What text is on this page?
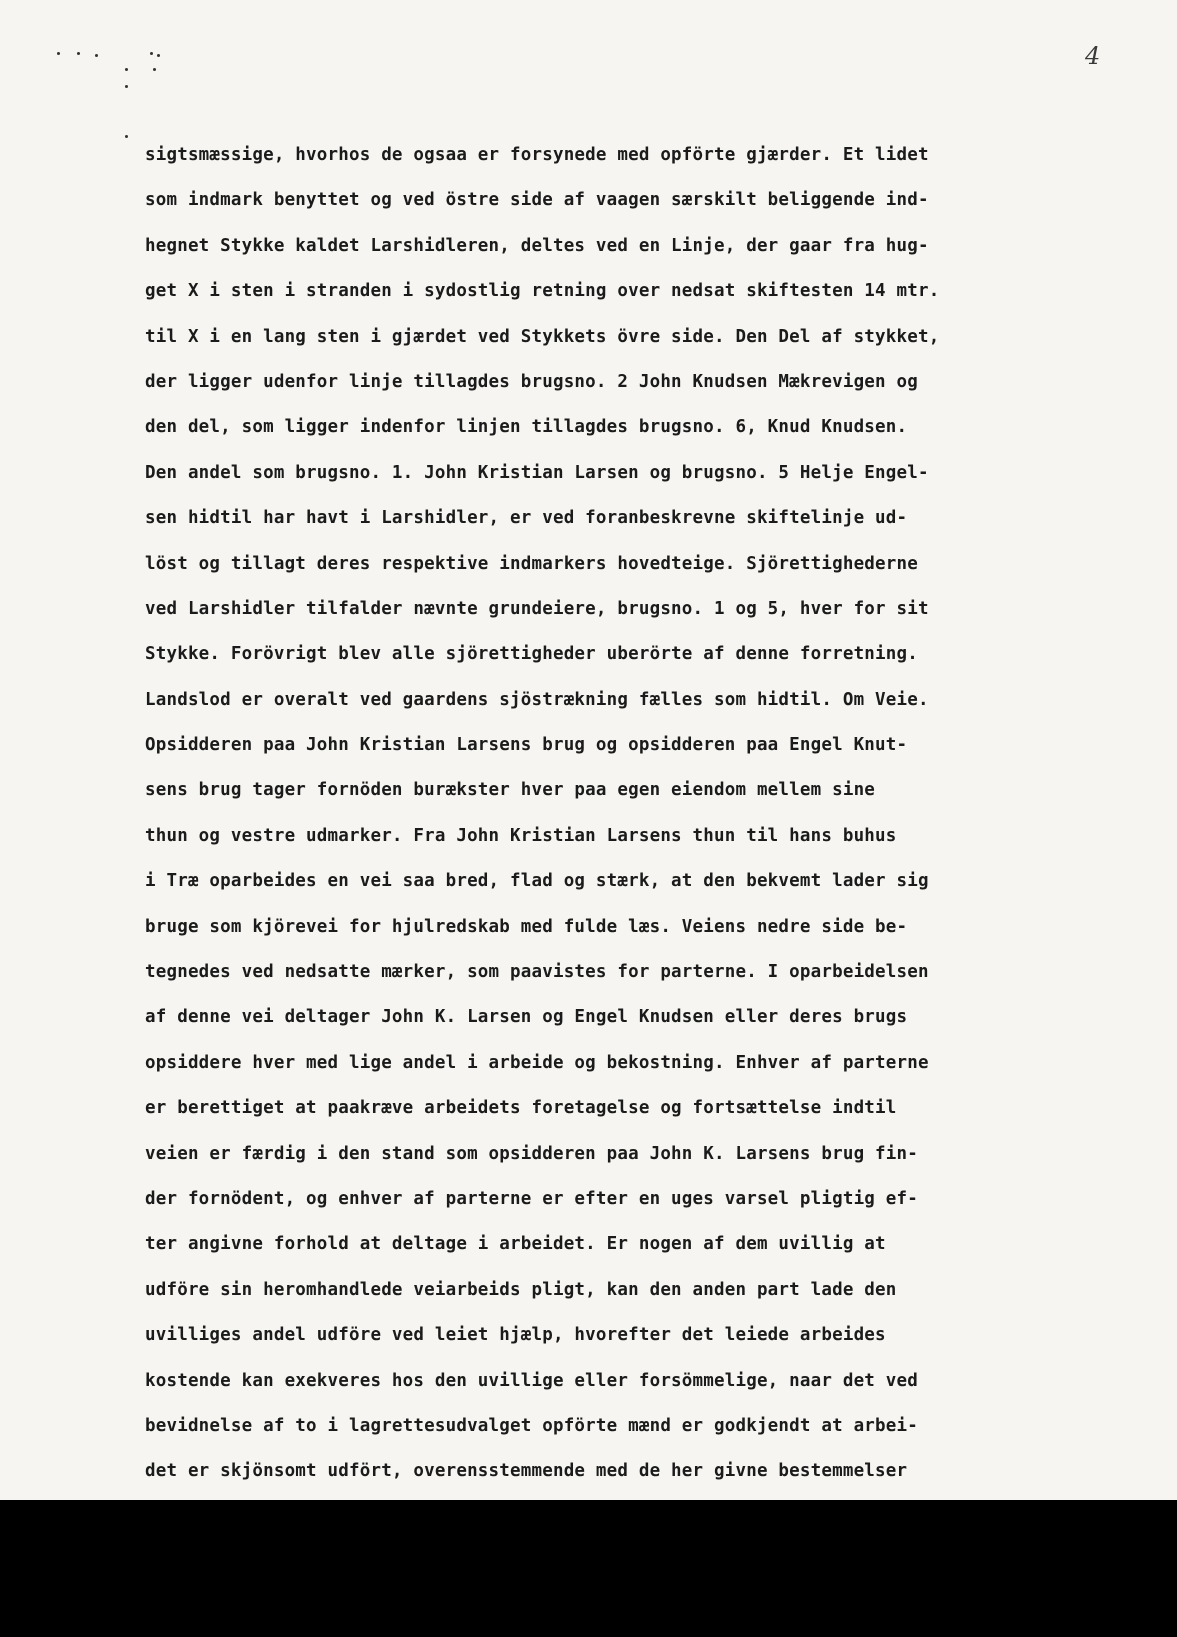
4
sigtsmæssige, hvorhos de ogsaa er forsynede med opförte gjærder. Et lidet
som indmark benyttet og ved östre side af vaagen særskilt beliggende ind-
hegnet Stykke kaldet Larshidleren, deltes ved en Linje, der gaar fra hug-
get X i sten i stranden i sydostlig retning over nedsat skiftesten 14 mtr.
til X i en lang sten i gjærdet ved Stykkets övre side. Den Del af stykket,
der ligger udenfor linje tillagdes brugsno. 2 John Knudsen Mækrevigen og
den del, som ligger indenfor linjen tillagdes brugsno. 6, Knud Knudsen.
Den andel som brugsno. 1. John Kristian Larsen og brugsno. 5 Helje Engel-
sen hidtil har havt i Larshidler, er ved foranbeskrevne skiftelinje ud-
löst og tillagt deres respektive indmarkers hovedteige. Sjörettighederne
ved Larshidler tilfalder nævnte grundeiere, brugsno. 1 og 5, hver for sit
Stykke. Forövrigt blev alle sjörettigheder uberörte af denne forretning.
Landslod er overalt ved gaardens sjöstrækning fælles som hidtil. Om Veie.
Opsidderen paa John Kristian Larsens brug og opsidderen paa Engel Knut-
sens brug tager fornöden burækster hver paa egen eiendom mellem sine
thun og vestre udmarker. Fra John Kristian Larsens thun til hans buhus
i Træ oparbeides en vei saa bred, flad og stærk, at den bekvemt lader sig
bruge som kjörevei for hjulredskab med fulde læs. Veiens nedre side be-
tegnedes ved nedsatte mærker, som paavistes for parterne. I oparbeidelsen
af denne vei deltager John K. Larsen og Engel Knudsen eller deres brugs
opsiddere hver med lige andel i arbeide og bekostning. Enhver af parterne
er berettiget at paakræve arbeidets foretagelse og fortsættelse indtil
veien er færdig i den stand som opsidderen paa John K. Larsens brug fin-
der fornödent, og enhver af parterne er efter en uges varsel pligtig ef-
ter angivne forhold at deltage i arbeidet. Er nogen af dem uvillig at
udföre sin heromhandlede veiarbeids pligt, kan den anden part lade den
uvilliges andel udföre ved leiet hjælp, hvorefter det leiede arbeides
kostende kan exekveres hos den uvillige eller forsömmelige, naar det ved
bevidnelse af to i lagrettesudvalget opförte mænd er godkjendt at arbei-
det er skjönsomt udfört, overensstemmende med de her givne bestemmelser
